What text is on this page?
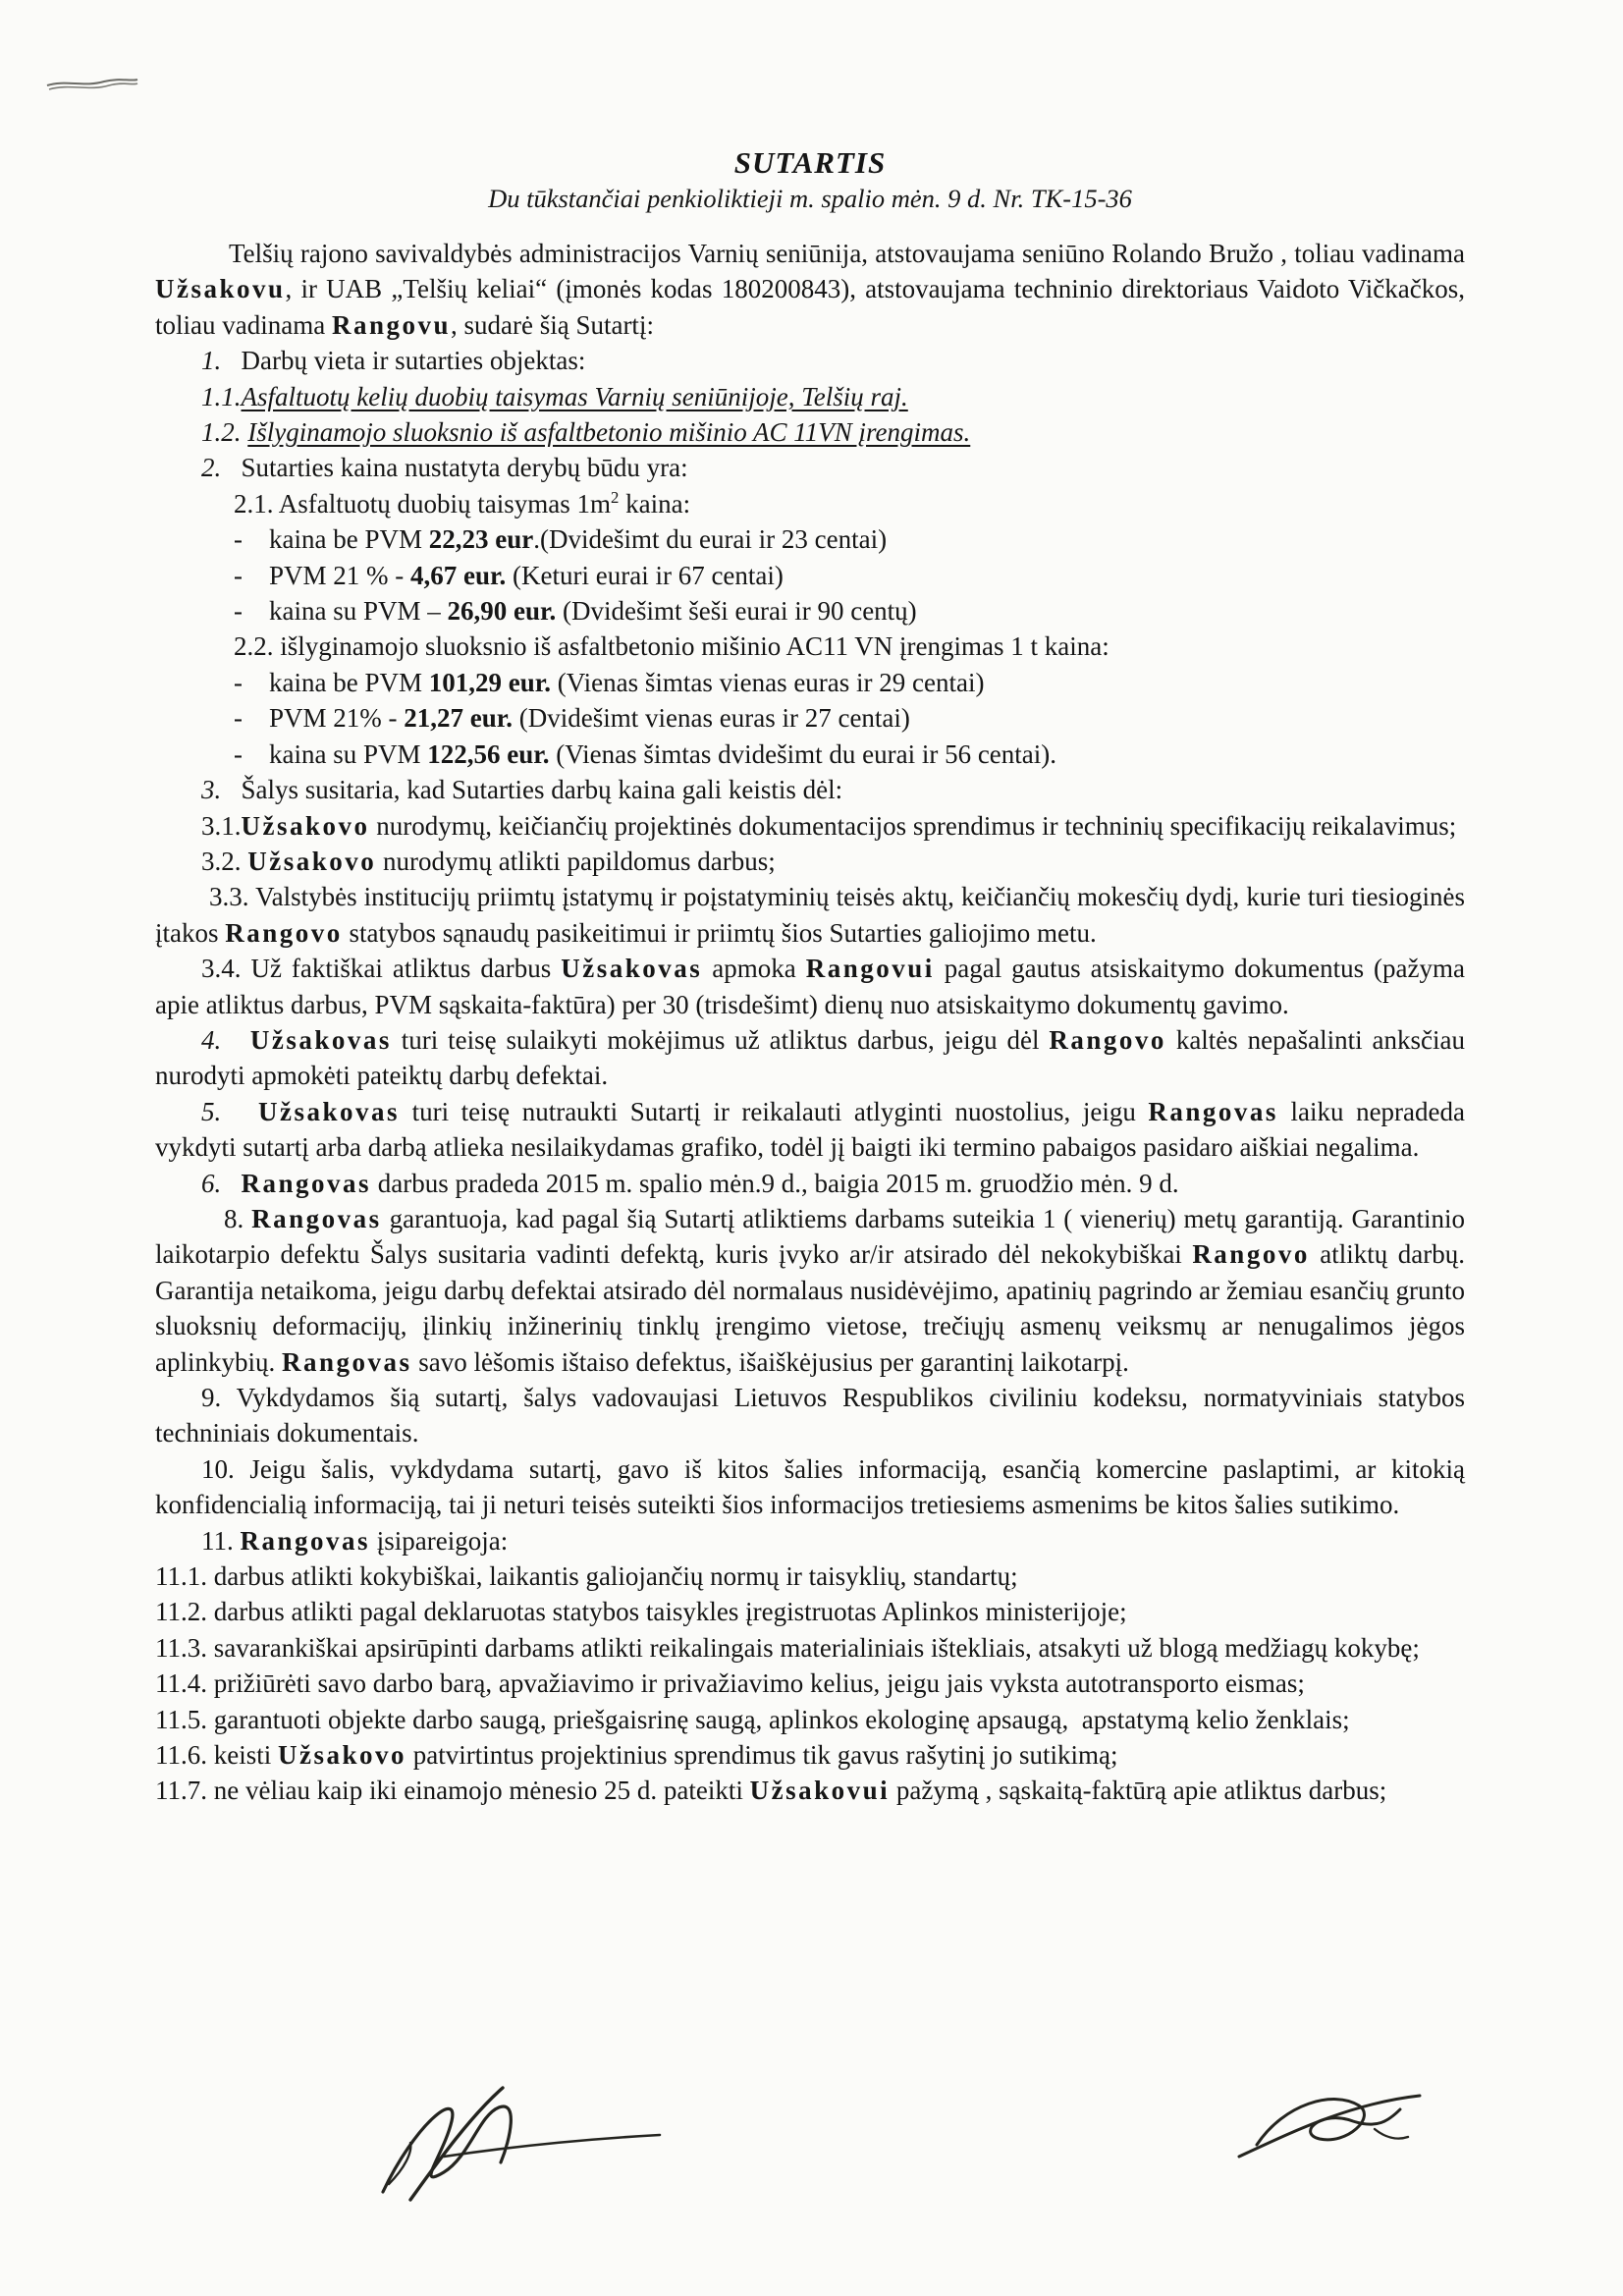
SUTARTIS

Du tūkstančiai penkioliktieji m. spalio mėn. 9 d. Nr. TK-15-36

Telšių rajono savivaldybės administracijos Varnių seniūnija, atstovaujama seniūno Rolando Bružo , toliau vadinama Užsakovu, ir UAB „Telšių keliai“ (įmonės kodas 180200843), atstovaujama techninio direktoriaus Vaidoto Vičkačkos, toliau vadinama Rangovu, sudarė šią Sutartį:

1.   Darbų vieta ir sutarties objektas:

1.1.Asfaltuotų kelių duobių taisymas Varnių seniūnijoje, Telšių raj.

1.2. Išlyginamojo sluoksnio iš asfaltbetonio mišinio AC 11VN įrengimas.

2.   Sutarties kaina nustatyta derybų būdu yra:

2.1. Asfaltuotų duobių taisymas $1m^2$ kaina:

-    kaina be PVM 22,23 eur.(Dvidešimt du eurai ir 23 centai)

-    PVM 21 % - 4,67 eur. (Keturi eurai ir 67 centai)

-    kaina su PVM – 26,90 eur. (Dvidešimt šeši eurai ir 90 centų)

2.2. išlyginamojo sluoksnio iš asfaltbetonio mišinio AC11 VN įrengimas 1 t kaina:

-    kaina be PVM 101,29 eur. (Vienas šimtas vienas euras ir 29 centai)

-    PVM 21% - 21,27 eur. (Dvidešimt vienas euras ir 27 centai)

-    kaina su PVM 122,56 eur. (Vienas šimtas dvidešimt du eurai ir 56 centai).

3.   Šalys susitaria, kad Sutarties darbų kaina gali keistis dėl:

3.1.Užsakovo nurodymų, keičiančių projektinės dokumentacijos sprendimus ir techninių specifikacijų reikalavimus;

3.2. Užsakovo nurodymų atlikti papildomus darbus;

3.3. Valstybės institucijų priimtų įstatymų ir poįstatyminių teisės aktų, keičiančių mokesčių dydį, kurie turi tiesioginės įtakos Rangovo statybos sąnaudų pasikeitimui ir priimtų šios Sutarties galiojimo metu.

3.4. Už faktiškai atliktus darbus Užsakovas apmoka Rangovui pagal gautus atsiskaitymo dokumentus (pažyma apie atliktus darbus, PVM sąskaita-faktūra) per 30 (trisdešimt) dienų nuo atsiskaitymo dokumentų gavimo.

4. Užsakovas turi teisę sulaikyti mokėjimus už atliktus darbus, jeigu dėl Rangovo kaltės nepašalinti anksčiau nurodyti apmokėti pateiktų darbų defektai.

5. Užsakovas turi teisę nutraukti Sutartį ir reikalauti atlyginti nuostolius, jeigu Rangovas laiku nepradeda vykdyti sutartį arba darbą atlieka nesilaikydamas grafiko, todėl jį baigti iki termino pabaigos pasidaro aiškiai negalima.

6. Rangovas darbus pradeda 2015 m. spalio mėn.9 d., baigia 2015 m. gruodžio mėn. 9 d.

8. Rangovas garantuoja, kad pagal šią Sutartį atliktiems darbams suteikia 1 ( vienerių) metų garantiją. Garantinio laikotarpio defektu Šalys susitaria vadinti defektą, kuris įvyko ar/ir atsirado dėl nekokybiškai Rangovo atliktų darbų. Garantija netaikoma, jeigu darbų defektai atsirado dėl normalaus nusidėvėjimo, apatinių pagrindo ar žemiau esančių grunto sluoksnių deformacijų, įlinkių inžinerinių tinklų įrengimo vietose, trečiųjų asmenų veiksmų ar nenugalimos jėgos aplinkybių. Rangovas savo lėšomis ištaiso defektus, išaiškėjusius per garantinį laikotarpį.

9. Vykdydamos šią sutartį, šalys vadovaujasi Lietuvos Respublikos civiliniu kodeksu, normatyviniais statybos techniniais dokumentais.

10. Jeigu šalis, vykdydama sutartį, gavo iš kitos šalies informaciją, esančią komercine paslaptimi, ar kitokią konfidencialią informaciją, tai ji neturi teisės suteikti šios informacijos tretiesiems asmenims be kitos šalies sutikimo.

11. Rangovas įsipareigoja:

11.1. darbus atlikti kokybiškai, laikantis galiojančių normų ir taisyklių, standartų;

11.2. darbus atlikti pagal deklaruotas statybos taisykles įregistruotas Aplinkos ministerijoje;

11.3. savarankiškai apsirūpinti darbams atlikti reikalingais materialiniais ištekliais, atsakyti už blogą medžiagų kokybę;

11.4. prižiūrėti savo darbo barą, apvažiavimo ir privažiavimo kelius, jeigu jais vyksta autotransporto eismas;

11.5. garantuoti objekte darbo saugą, priešgaisrinę saugą, aplinkos ekologinę apsaugą,  apstatymą kelio ženklais;

11.6. keisti Užsakovo patvirtintus projektinius sprendimus tik gavus rašytinį jo sutikimą;

11.7. ne vėliau kaip iki einamojo mėnesio 25 d. pateikti Užsakovui pažymą , sąskaitą-faktūrą apie atliktus darbus;
